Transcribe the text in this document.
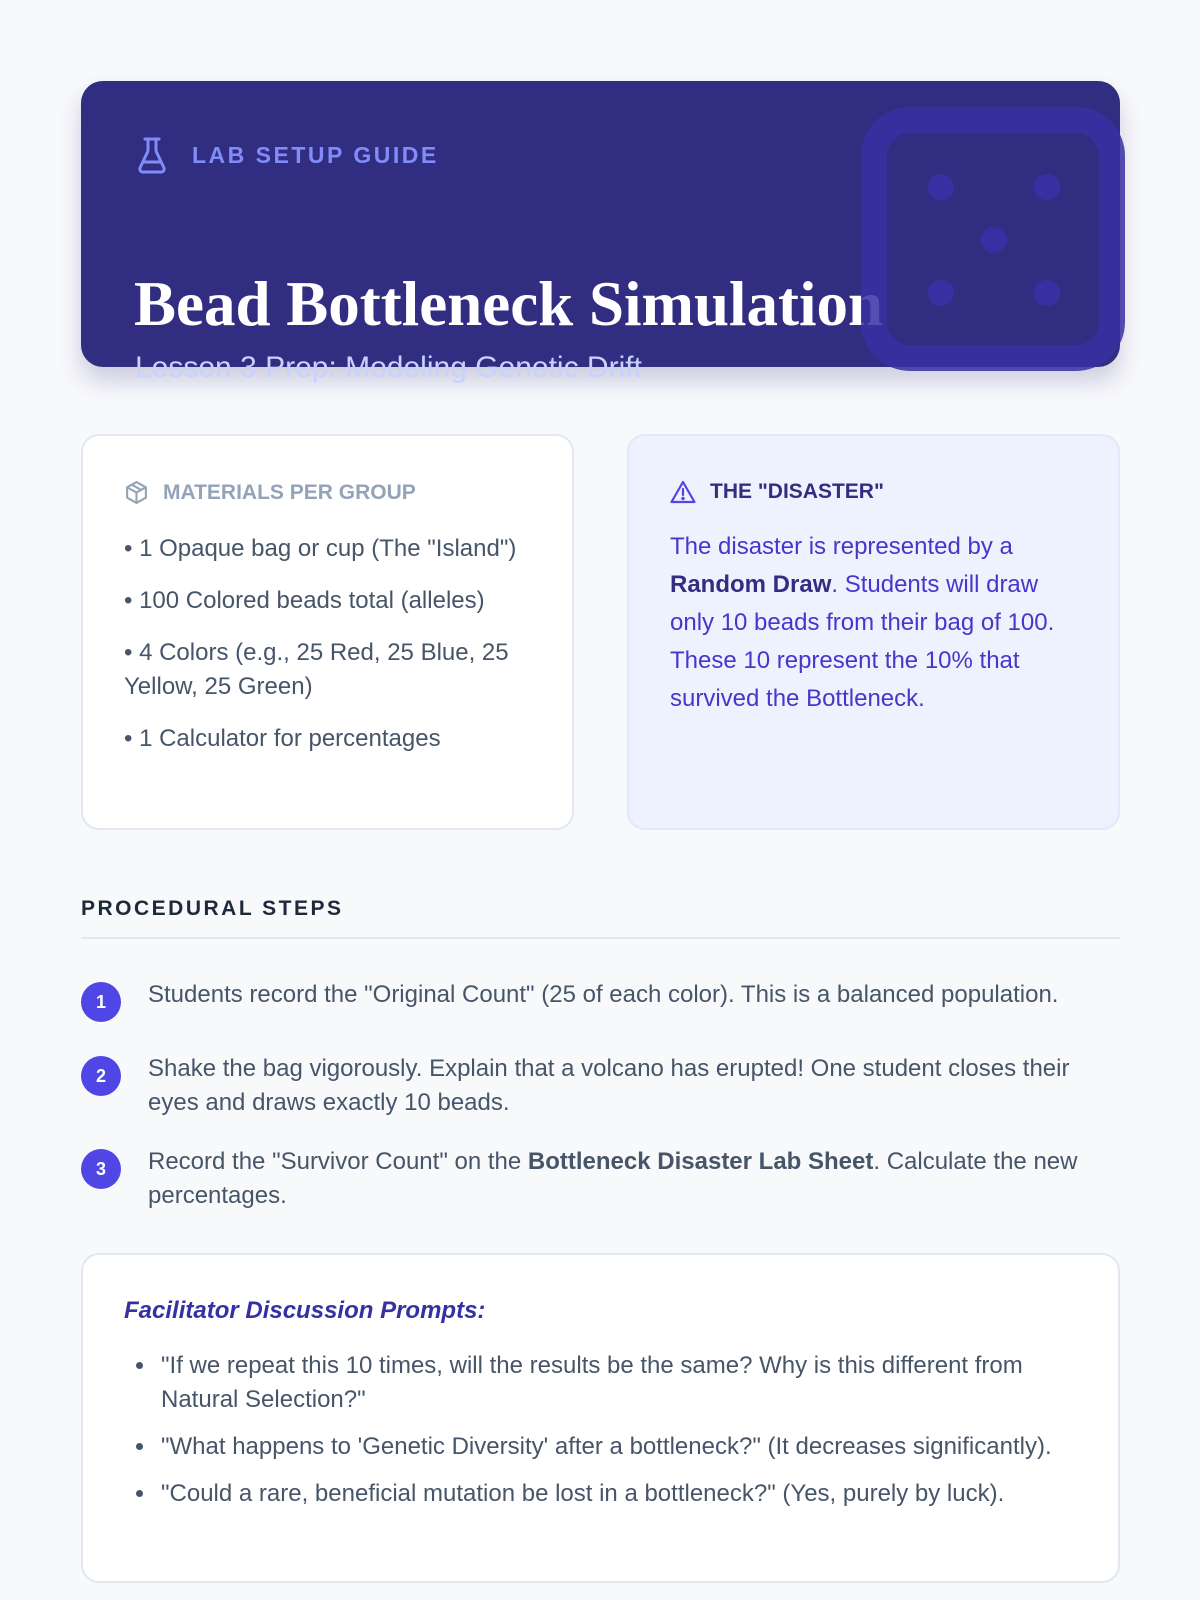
LAB SETUP GUIDE
Bead Bottleneck Simulation
Lesson 3 Prep: Modeling Genetic Drift
MATERIALS PER GROUP
• 1 Opaque bag or cup (The "Island")
• 100 Colored beads total (alleles)
• 4 Colors (e.g., 25 Red, 25 Blue, 25 Yellow, 25 Green)
• 1 Calculator for percentages
THE "DISASTER"

The disaster is represented by a Random Draw. Students will draw only 10 beads from their bag of 100. These 10 represent the 10% that survived the Bottleneck.

PROCEDURAL STEPS
1	Students record the "Original Count" (25 of each color). This is a balanced population.

2	Shake the bag vigorously. Explain that a volcano has erupted! One student closes their eyes and draws exactly 10 beads.

3	Record the "Survivor Count" on the Bottleneck Disaster Lab Sheet. Calculate the new percentages.

Facilitator Discussion Prompts:
• "If we repeat this 10 times, will the results be the same? Why is this different from Natural Selection?"
• "What happens to 'Genetic Diversity' after a bottleneck?" (It decreases significantly).
• "Could a rare, beneficial mutation be lost in a bottleneck?" (Yes, purely by luck).
